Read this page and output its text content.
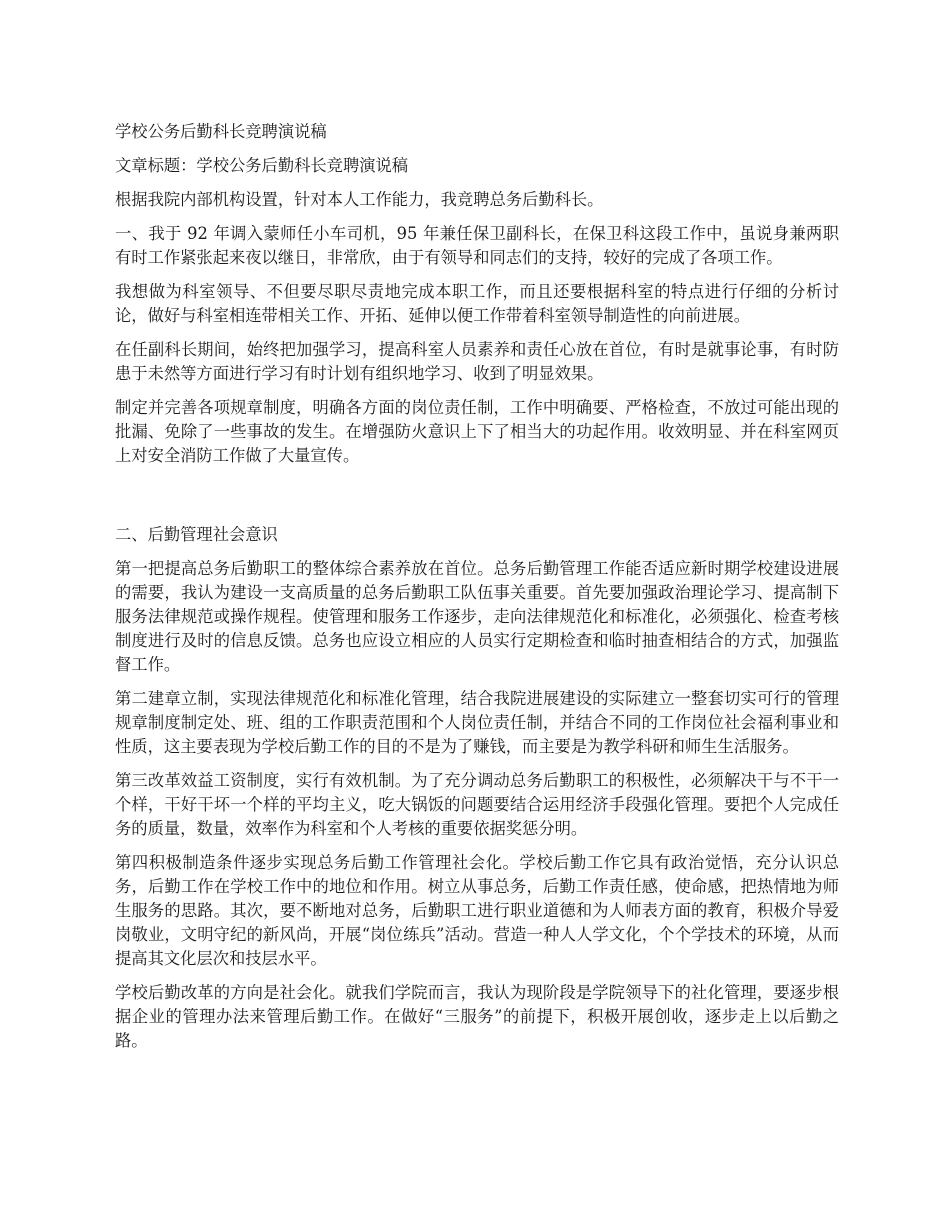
学校公务后勤科长竞聘演说稿

文章标题：学校公务后勤科长竞聘演说稿

根据我院内部机构设置，针对本人工作能力，我竞聘总务后勤科长。

一、我于 92 年调入蒙师任小车司机，95 年兼任保卫副科长，在保卫科这段工作中，虽说身兼两职有时工作紧张起来夜以继日，非常欣，由于有领导和同志们的支持，较好的完成了各项工作。

我想做为科室领导、不但要尽职尽责地完成本职工作，而且还要根据科室的特点进行仔细的分析讨论，做好与科室相连带相关工作、开拓、延伸以便工作带着科室领导制造性的向前进展。

在任副科长期间，始终把加强学习，提高科室人员素养和责任心放在首位，有时是就事论事，有时防患于未然等方面进行学习有时计划有组织地学习、收到了明显效果。

制定并完善各项规章制度，明确各方面的岗位责任制，工作中明确要、严格检查，不放过可能出现的批漏、免除了一些事故的发生。在增强防火意识上下了相当大的功起作用。收效明显、并在科室网页上对安全消防工作做了大量宣传。

二、后勤管理社会意识

第一把提高总务后勤职工的整体综合素养放在首位。总务后勤管理工作能否适应新时期学校建设进展的需要，我认为建设一支高质量的总务后勤职工队伍事关重要。首先要加强政治理论学习、提高制下服务法律规范或操作规程。使管理和服务工作逐步，走向法律规范化和标准化，必须强化、检查考核制度进行及时的信息反馈。总务也应设立相应的人员实行定期检查和临时抽查相结合的方式，加强监督工作。

第二建章立制，实现法律规范化和标准化管理，结合我院进展建设的实际建立一整套切实可行的管理规章制度制定处、班、组的工作职责范围和个人岗位责任制，并结合不同的工作岗位社会福利事业和性质，这主要表现为学校后勤工作的目的不是为了赚钱，而主要是为教学科研和师生生活服务。

第三改革效益工资制度，实行有效机制。为了充分调动总务后勤职工的积极性，必须解决干与不干一个样，干好干坏一个样的平均主义，吃大锅饭的问题要结合运用经济手段强化管理。要把个人完成任务的质量，数量，效率作为科室和个人考核的重要依据奖惩分明。

第四积极制造条件逐步实现总务后勤工作管理社会化。学校后勤工作它具有政治觉悟，充分认识总务，后勤工作在学校工作中的地位和作用。树立从事总务，后勤工作责任感，使命感，把热情地为师生服务的思路。其次，要不断地对总务，后勤职工进行职业道德和为人师表方面的教育，积极介导爱岗敬业，文明守纪的新风尚，开展“岗位练兵”活动。营造一种人人学文化，个个学技术的环境，从而提高其文化层次和技层水平。

学校后勤改革的方向是社会化。就我们学院而言，我认为现阶段是学院领导下的社化管理，要逐步根据企业的管理办法来管理后勤工作。在做好“三服务”的前提下，积极开展创收，逐步走上以后勤之路。
